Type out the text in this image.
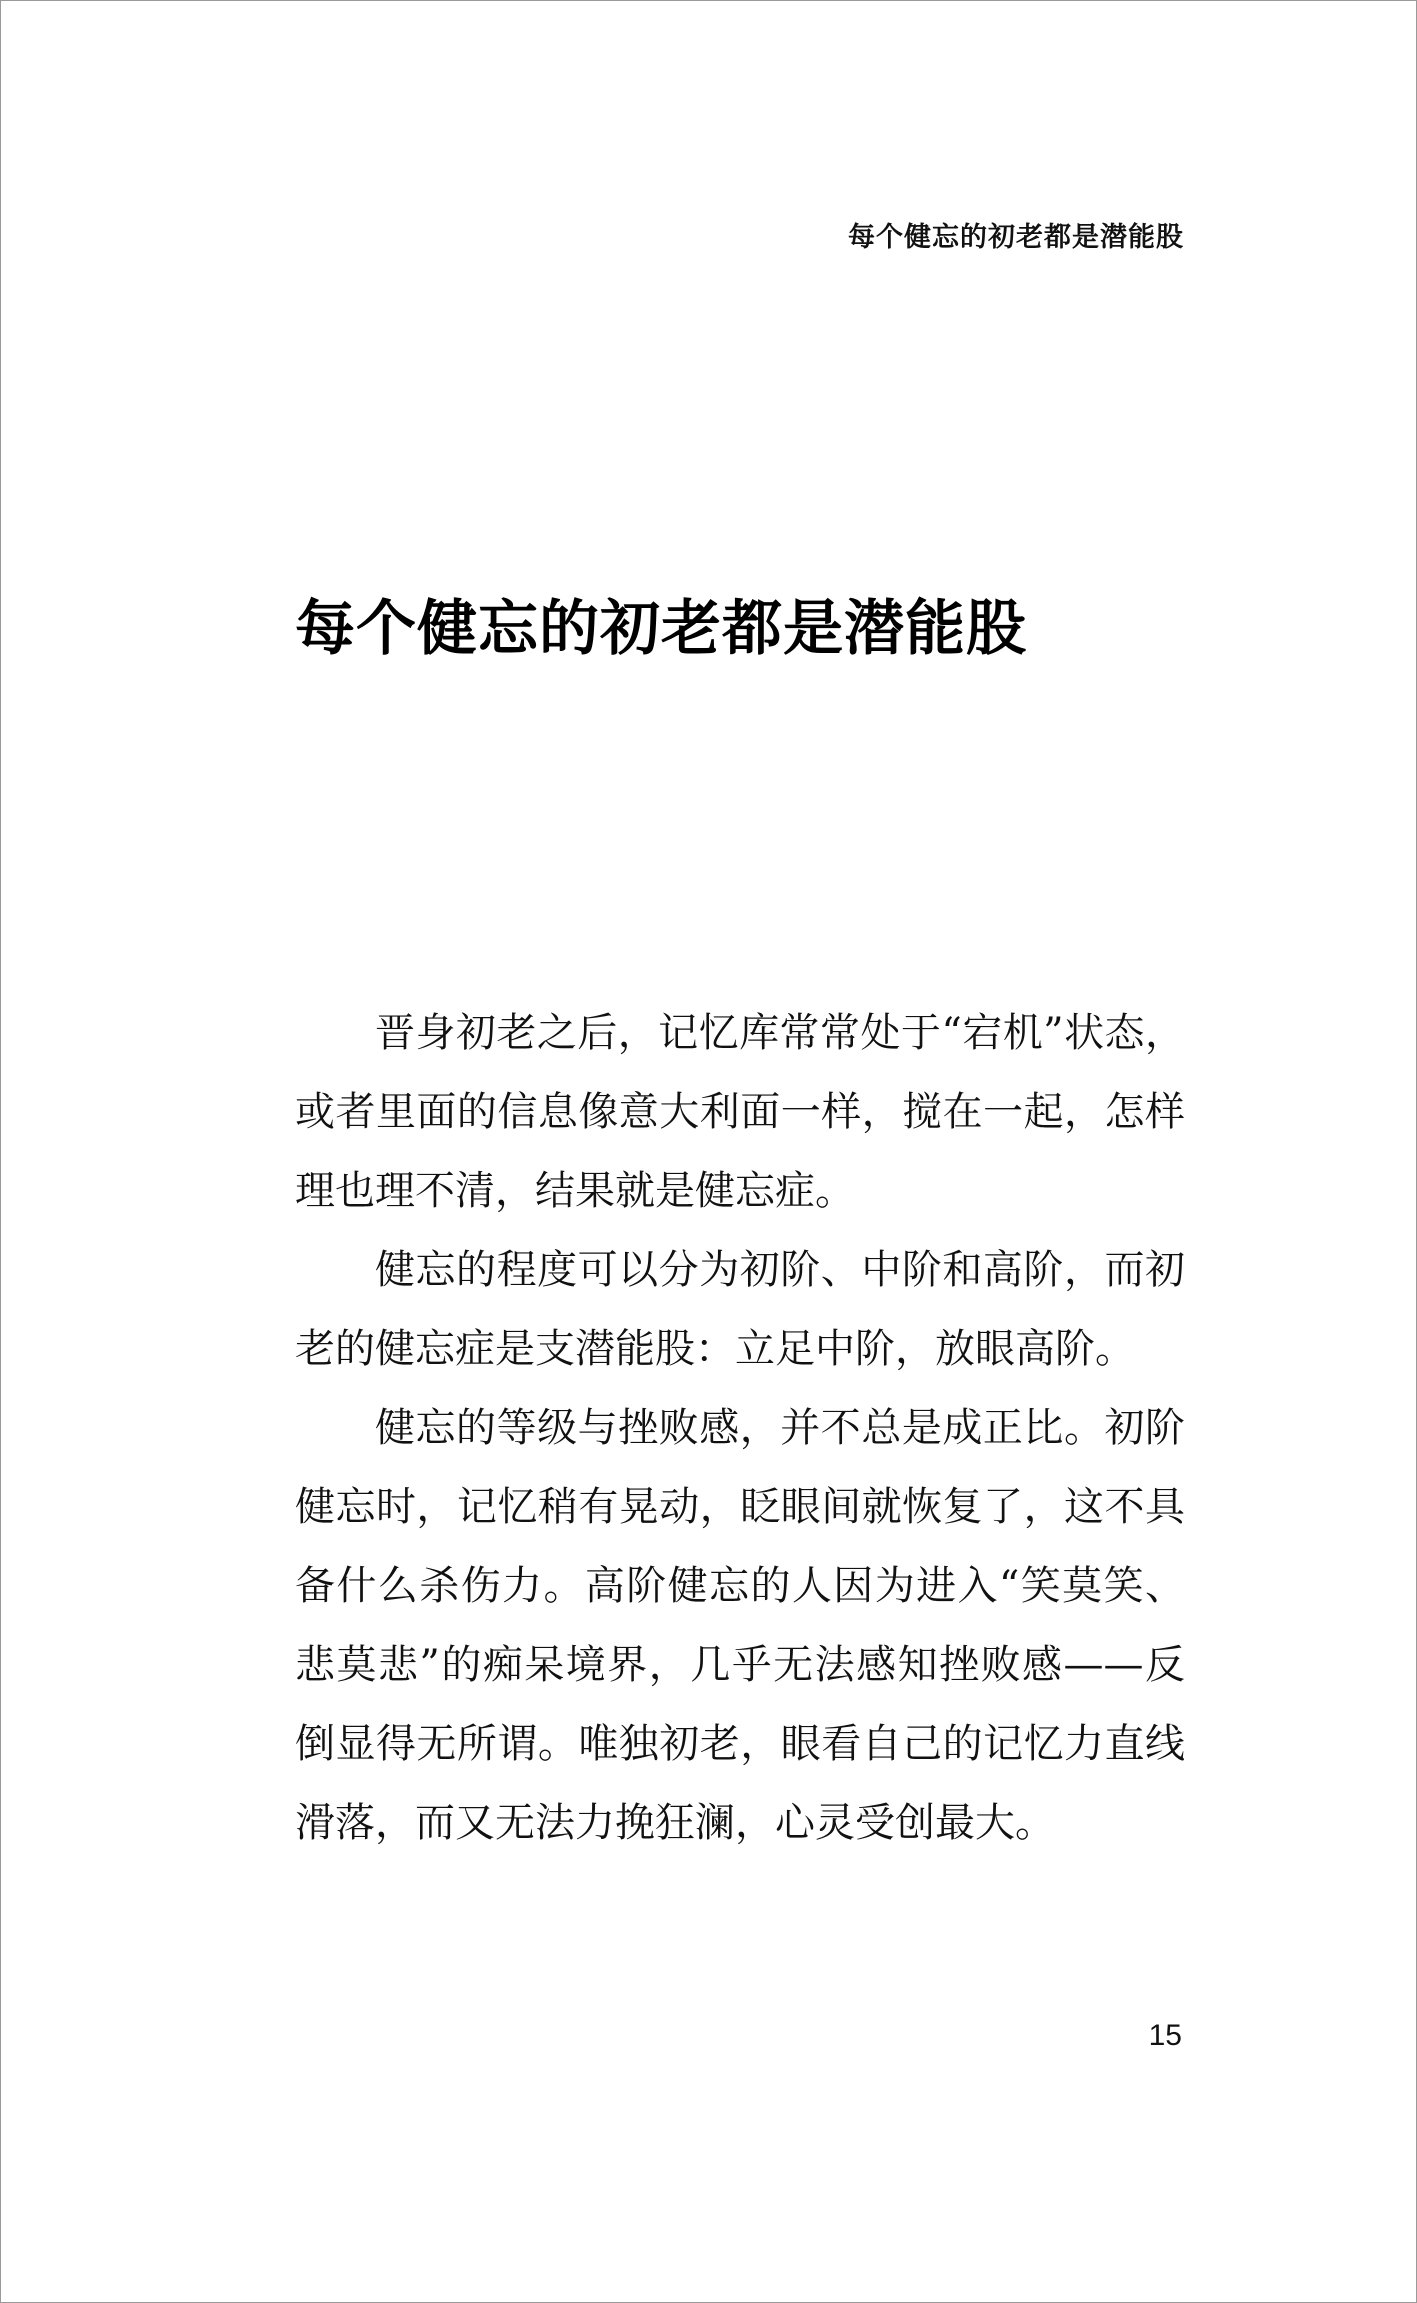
每个健忘的初老都是潜能股
每个健忘的初老都是潜能股

晋身初老之后，记忆库常常处于“宕机”状态，或者里面的信息像意大利面一样，搅在一起，怎样理也理不清，结果就是健忘症。

健忘的程度可以分为初阶、中阶和高阶，而初老的健忘症是支潜能股：立足中阶，放眼高阶。

健忘的等级与挫败感，并不总是成正比。初阶健忘时，记忆稍有晃动，眨眼间就恢复了，这不具备什么杀伤力。高阶健忘的人因为进入“笑莫笑、悲莫悲”的痴呆境界，几乎无法感知挫败感——反倒显得无所谓。唯独初老，眼看自己的记忆力直线滑落，而又无法力挽狂澜，心灵受创最大。

15
